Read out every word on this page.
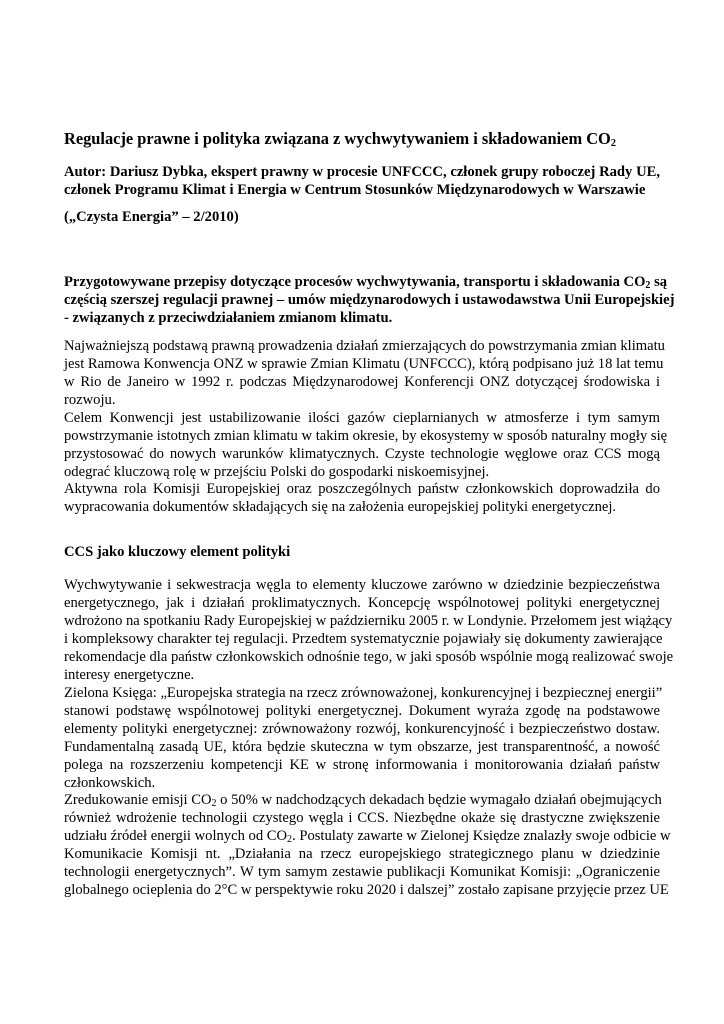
Regulacje prawne i polityka związana z wychwytywaniem i składowaniem $CO_2$
Autor: Dariusz Dybka, ekspert prawny w procesie UNFCCC, członek grupy roboczej Rady UE,
członek Programu Klimat i Energia w Centrum Stosunków Międzynarodowych w Warszawie
(„Czysta Energia” – 2/2010)
Przygotowywane przepisy dotyczące procesów wychwytywania, transportu i składowania $CO_2$ są
częścią szerszej regulacji prawnej – umów międzynarodowych i ustawodawstwa Unii Europejskiej
- związanych z przeciwdziałaniem zmianom klimatu.
Najważniejszą podstawą prawną prowadzenia działań zmierzających do powstrzymania zmian klimatu
jest Ramowa Konwencja ONZ w sprawie Zmian Klimatu (UNFCCC), którą podpisano już 18 lat temu
w Rio de Janeiro w 1992 r. podczas Międzynarodowej Konferencji ONZ dotyczącej środowiska i
rozwoju.
Celem Konwencji jest ustabilizowanie ilości gazów cieplarnianych w atmosferze i tym samym
powstrzymanie istotnych zmian klimatu w takim okresie, by ekosystemy w sposób naturalny mogły się
przystosować do nowych warunków klimatycznych. Czyste technologie węglowe oraz CCS mogą
odegrać kluczową rolę w przejściu Polski do gospodarki niskoemisyjnej.
Aktywna rola Komisji Europejskiej oraz poszczególnych państw członkowskich doprowadziła do
wypracowania dokumentów składających się na założenia europejskiej polityki energetycznej.
CCS jako kluczowy element polityki
Wychwytywanie i sekwestracja węgla to elementy kluczowe zarówno w dziedzinie bezpieczeństwa
energetycznego, jak i działań proklimatycznych. Koncepcję wspólnotowej polityki energetycznej
wdrożono na spotkaniu Rady Europejskiej w październiku 2005 r. w Londynie. Przełomem jest wiążący
i kompleksowy charakter tej regulacji. Przedtem systematycznie pojawiały się dokumenty zawierające
rekomendacje dla państw członkowskich odnośnie tego, w jaki sposób wspólnie mogą realizować swoje
interesy energetyczne.
Zielona Księga: „Europejska strategia na rzecz zrównoważonej, konkurencyjnej i bezpiecznej energii”
stanowi podstawę wspólnotowej polityki energetycznej. Dokument wyraża zgodę na podstawowe
elementy polityki energetycznej: zrównoważony rozwój, konkurencyjność i bezpieczeństwo dostaw.
Fundamentalną zasadą UE, która będzie skuteczna w tym obszarze, jest transparentność, a nowość
polega na rozszerzeniu kompetencji KE w stronę informowania i monitorowania działań państw
członkowskich.
Zredukowanie emisji $CO_2$ o 50% w nadchodzących dekadach będzie wymagało działań obejmujących
również wdrożenie technologii czystego węgla i CCS. Niezbędne okaże się drastyczne zwiększenie
udziału źródeł energii wolnych od $CO_2$. Postulaty zawarte w Zielonej Księdze znalazły swoje odbicie w
Komunikacie Komisji nt. „Działania na rzecz europejskiego strategicznego planu w dziedzinie
technologii energetycznych”. W tym samym zestawie publikacji Komunikat Komisji: „Ograniczenie
globalnego ocieplenia do 2°C w perspektywie roku 2020 i dalszej” zostało zapisane przyjęcie przez UE
